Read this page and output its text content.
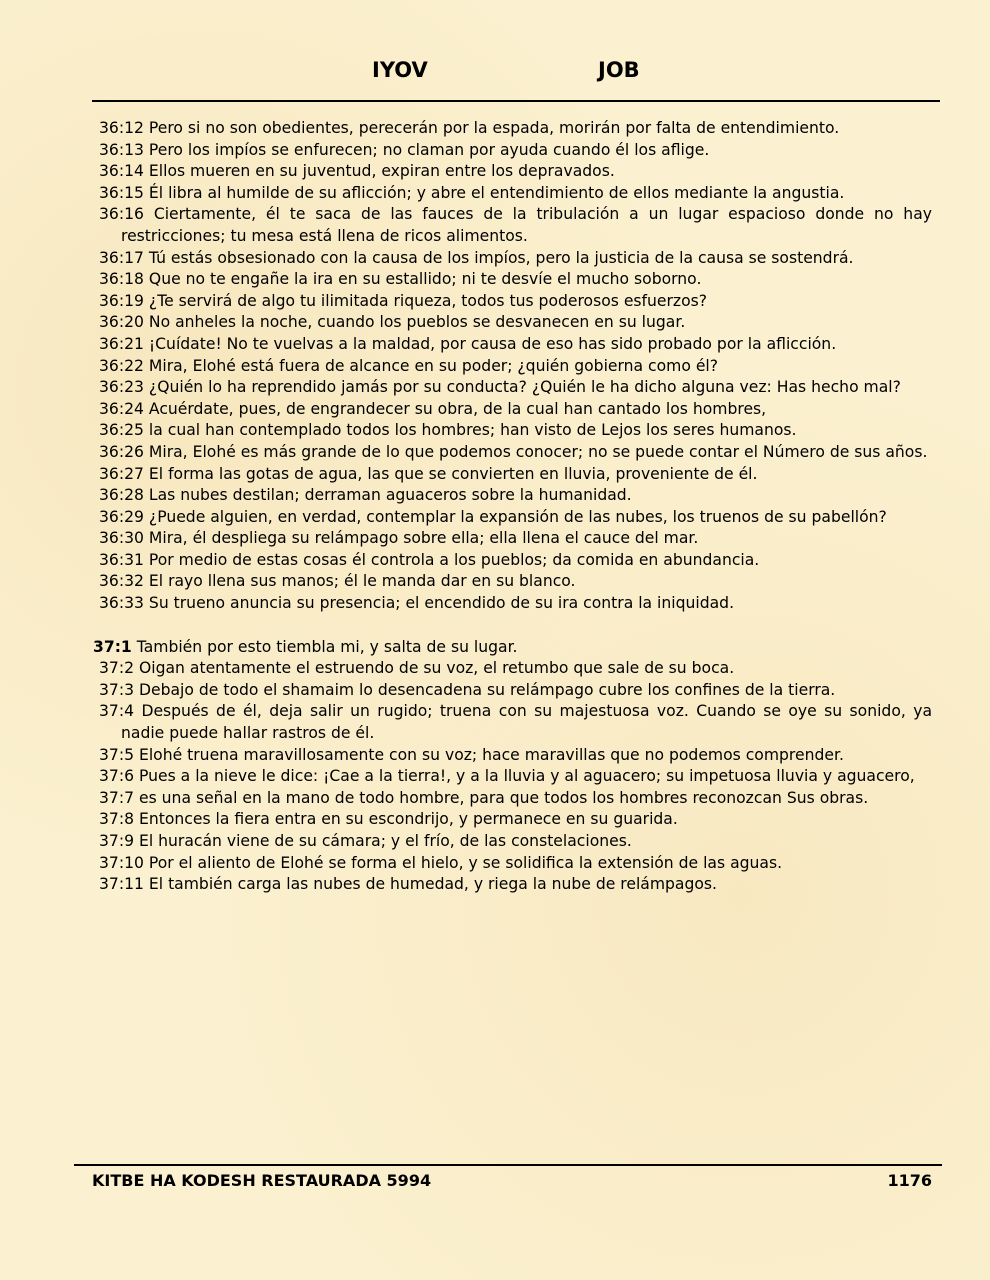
IYOV	JOB

36:12 Pero si no son obedientes, perecerán por la espada, morirán por falta de entendimiento.

36:13 Pero los impíos se enfurecen; no claman por ayuda cuando él los aflige.

36:14 Ellos mueren en su juventud, expiran entre los depravados.

36:15 Él libra al humilde de su aflicción; y abre el entendimiento de ellos mediante la angustia.

36:16 Ciertamente, él te saca de las fauces de la tribulación a un lugar espacioso donde no hay restricciones; tu mesa está llena de ricos alimentos.

36:17 Tú estás obsesionado con la causa de los impíos, pero la justicia de la causa se sostendrá.

36:18 Que no te engañe la ira en su estallido; ni te desvíe el mucho soborno.

36:19 ¿Te servirá de algo tu ilimitada riqueza, todos tus poderosos esfuerzos?

36:20 No anheles la noche, cuando los pueblos se desvanecen en su lugar.

36:21 ¡Cuídate! No te vuelvas a la maldad, por causa de eso has sido probado por la aflicción.

36:22 Mira, Elohé está fuera de alcance en su poder; ¿quién gobierna como él?

36:23 ¿Quién lo ha reprendido jamás por su conducta? ¿Quién le ha dicho alguna vez: Has hecho mal?

36:24 Acuérdate, pues, de engrandecer su obra, de la cual han cantado los hombres,

36:25 la cual han contemplado todos los hombres; han visto de Lejos los seres humanos.

36:26 Mira, Elohé es más grande de lo que podemos conocer; no se puede contar el Número de sus años.

36:27 El forma las gotas de agua, las que se convierten en lluvia, proveniente de él.

36:28 Las nubes destilan; derraman aguaceros sobre la humanidad.

36:29 ¿Puede alguien, en verdad, contemplar la expansión de las nubes, los truenos de su pabellón?

36:30 Mira, él despliega su relámpago sobre ella; ella llena el cauce del mar.

36:31 Por medio de estas cosas él controla a los pueblos; da comida en abundancia.

36:32 El rayo llena sus manos; él le manda dar en su blanco.

36:33 Su trueno anuncia su presencia; el encendido de su ira contra la iniquidad.

37:1 También por esto tiembla mi, y salta de su lugar.

37:2 Oigan atentamente el estruendo de su voz, el retumbo que sale de su boca.

37:3 Debajo de todo el shamaim lo desencadena su relámpago cubre los confines de la tierra.

37:4 Después de él, deja salir un rugido; truena con su majestuosa voz. Cuando se oye su sonido, ya nadie puede hallar rastros de él.

37:5 Elohé truena maravillosamente con su voz; hace maravillas que no podemos comprender.

37:6 Pues a la nieve le dice: ¡Cae a la tierra!, y a la lluvia y al aguacero; su impetuosa lluvia y aguacero,

37:7 es una señal en la mano de todo hombre, para que todos los hombres reconozcan Sus obras.

37:8 Entonces la fiera entra en su escondrijo, y permanece en su guarida.

37:9 El huracán viene de su cámara; y el frío, de las constelaciones.

37:10 Por el aliento de Elohé se forma el hielo, y se solidifica la extensión de las aguas.

37:11 El también carga las nubes de humedad, y riega la nube de relámpagos.

KITBE HA KODESH RESTAURADA 5994	1176
